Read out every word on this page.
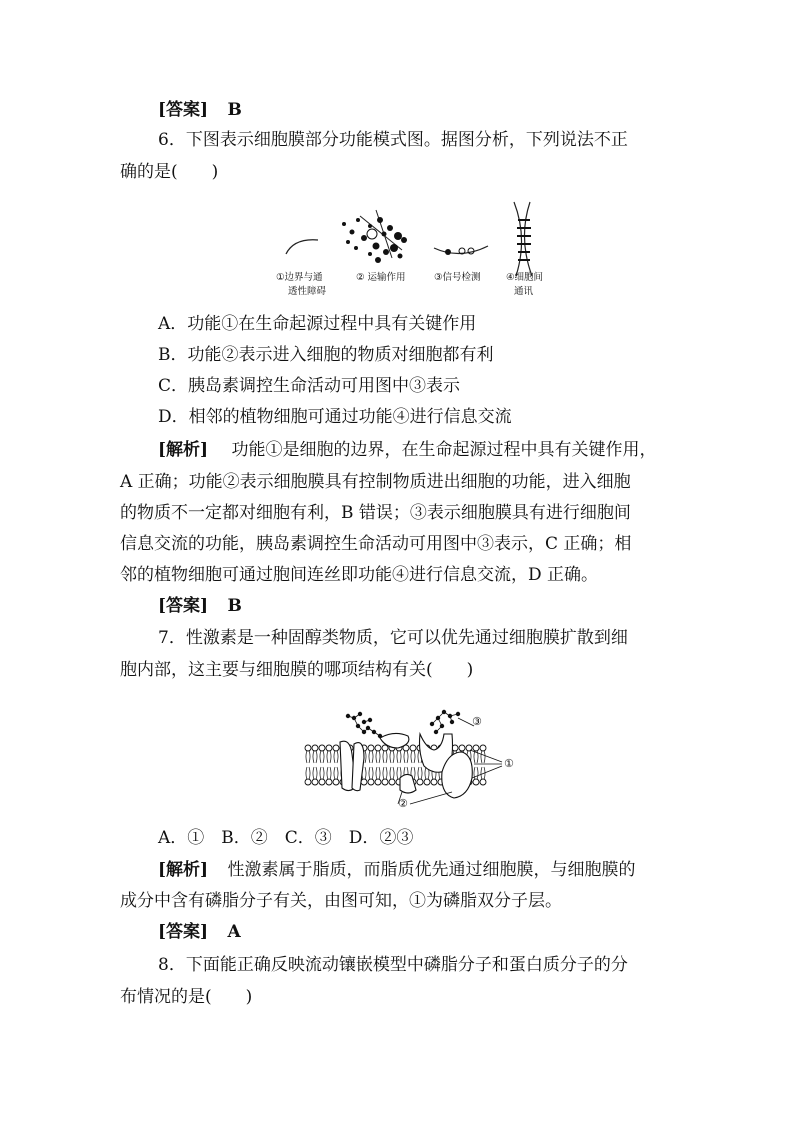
[答案] B
6．下图表示细胞膜部分功能模式图。据图分析，下列说法不正
确的是(　　)
①边界与通
透性障碍
② 运输作用	③信号检测	④细胞间
通讯
A．功能①在生命起源过程中具有关键作用
B．功能②表示进入细胞的物质对细胞都有利
C．胰岛素调控生命活动可用图中③表示
D．相邻的植物细胞可通过功能④进行信息交流
[解析] 功能①是细胞的边界，在生命起源过程中具有关键作用，
A 正确；功能②表示细胞膜具有控制物质进出细胞的功能，进入细胞
的物质不一定都对细胞有利，B 错误；③表示细胞膜具有进行细胞间
信息交流的功能，胰岛素调控生命活动可用图中③表示，C 正确；相
邻的植物细胞可通过胞间连丝即功能④进行信息交流，D 正确。
[答案] B
7．性激素是一种固醇类物质，它可以优先通过细胞膜扩散到细
胞内部，这主要与细胞膜的哪项结构有关(　　)
③
①
②
A．①　B．②　C．③　D．②③
[解析] 性激素属于脂质，而脂质优先通过细胞膜，与细胞膜的
成分中含有磷脂分子有关，由图可知，①为磷脂双分子层。
[答案] A
8．下面能正确反映流动镶嵌模型中磷脂分子和蛋白质分子的分
布情况的是(　　)
